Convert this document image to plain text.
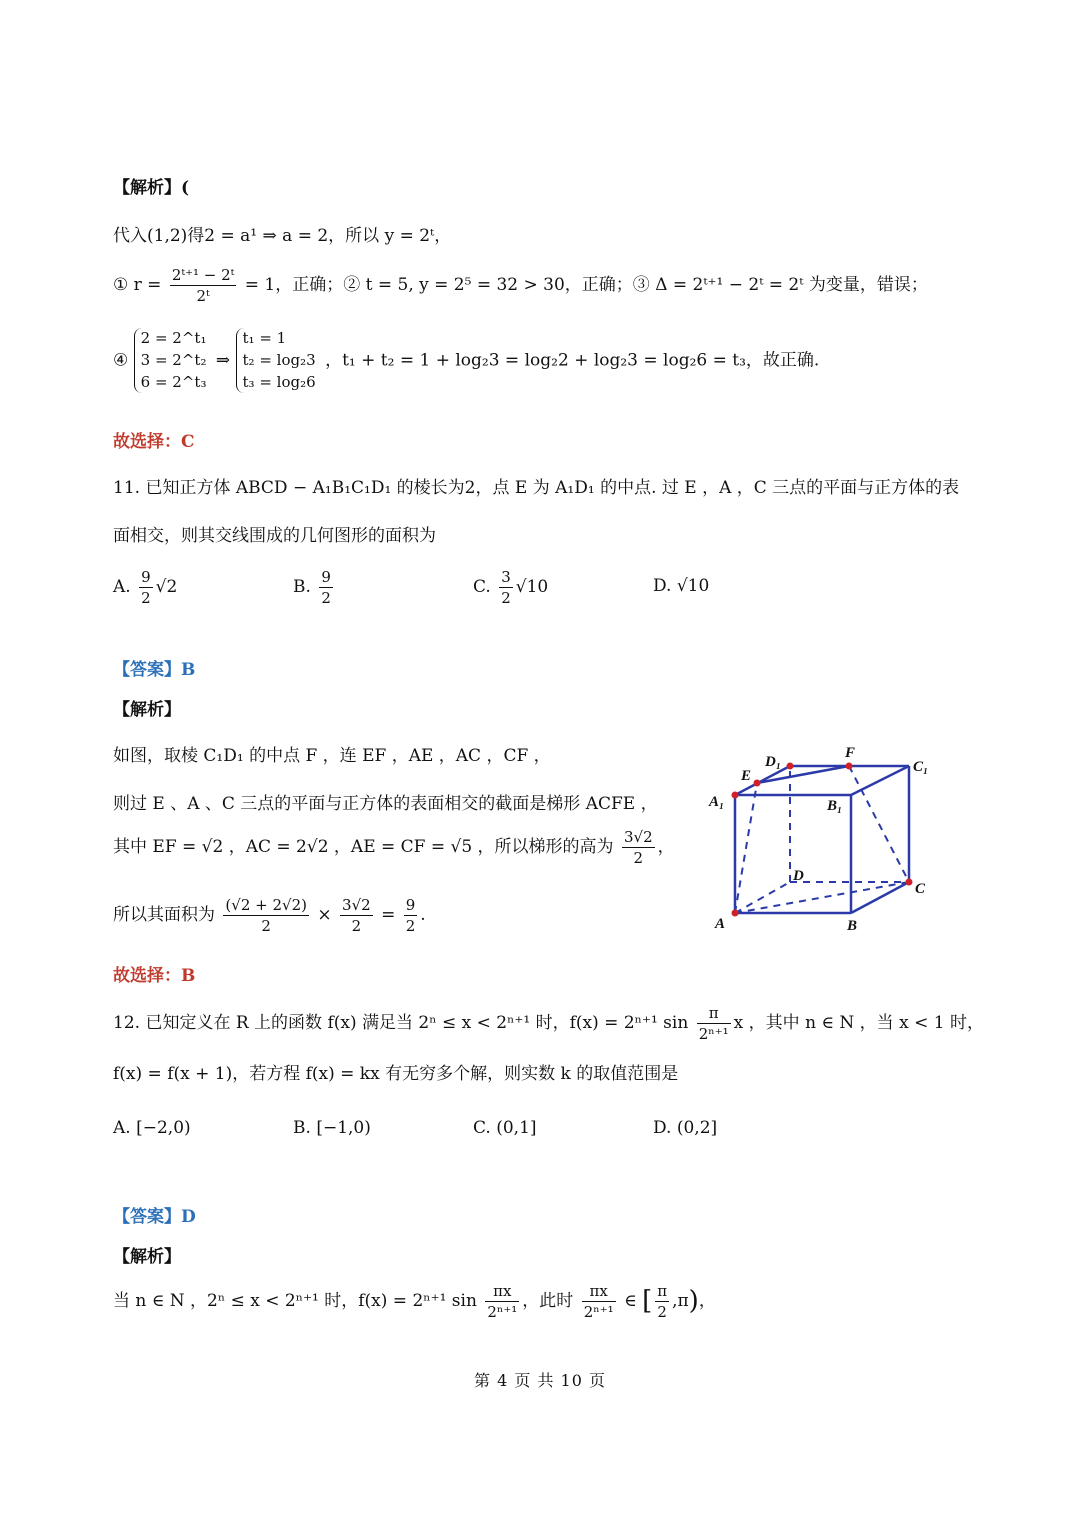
【解析】(
代入(1,2)得2 = a¹ ⇒ a = 2，所以 y = 2ᵗ，
① $r = \frac{\text{2ᵗ⁺¹ − 2ᵗ}}{\text{2ᵗ}} = 1$，正确；② t = 5, y = 2⁵ = 32 > 30，正确；③ Δ = 2ᵗ⁺¹ − 2ᵗ = 2ᵗ 为变量，错误；
④
2 = 2^t₁
3 = 2^t₂
6 = 2^t₃
⇒
t₁ = 1
t₂ = log₂3
t₃ = log₂6
，t₁ + t₂ = 1 + log₂3 = log₂2 + log₂3 = log₂6 = t₃，故正确.
故选择：C
11. 已知正方体 ABCD − A₁B₁C₁D₁ 的棱长为2，点 E 为 A₁D₁ 的中点. 过 E ，A ，C 三点的平面与正方体的表
面相交，则其交线围成的几何图形的面积为
A. $\frac{9}{2} √2$	B. $\frac{9}{2}$	C. $\frac{3}{2} √10$	D. √10
【答案】B
【解析】
如图，取棱 C₁D₁ 的中点 F ，连 EF ，AE ，AC ，CF ，
则过 E 、A 、C 三点的平面与正方体的表面相交的截面是梯形 ACFE ，
其中 EF = √2 ，AC = 2√2 ，AE = CF = √5 ，所以梯形的高为 $\frac{3√2}{2}$ ，
所以其面积为 $\frac{(√2 + 2√2)}{2} \times \frac{3√2}{2} = \frac{9}{2}$ .
故选择：B
D₁
F
C₁
E
A₁	B₁
D
C
A	B
12. 已知定义在 R 上的函数 f(x) 满足当 2ⁿ ≤ x < 2ⁿ⁺¹ 时，f(x) = 2ⁿ⁺¹ $\sin \frac{\pi}{\text{2ⁿ⁺¹}}$ x ，其中 n ∈ N ，当 x < 1 时，
f(x) = f(x + 1)，若方程 f(x) = kx 有无穷多个解，则实数 k 的取值范围是
A. [−2,0)	B. [−1,0)	C. (0,1]	D. (0,2]
【答案】D
【解析】
当 n ∈ N ，2ⁿ ≤ x < 2ⁿ⁺¹ 时，f(x) = 2ⁿ⁺¹ $\sin \frac{\pi x}{\text{2ⁿ⁺¹}}$ ，此时 $\frac{\pi x}{\text{2ⁿ⁺¹}}$ ∈ [ $\frac{\pi}{2} ,\pi$)，
第 4 页 共 10 页
